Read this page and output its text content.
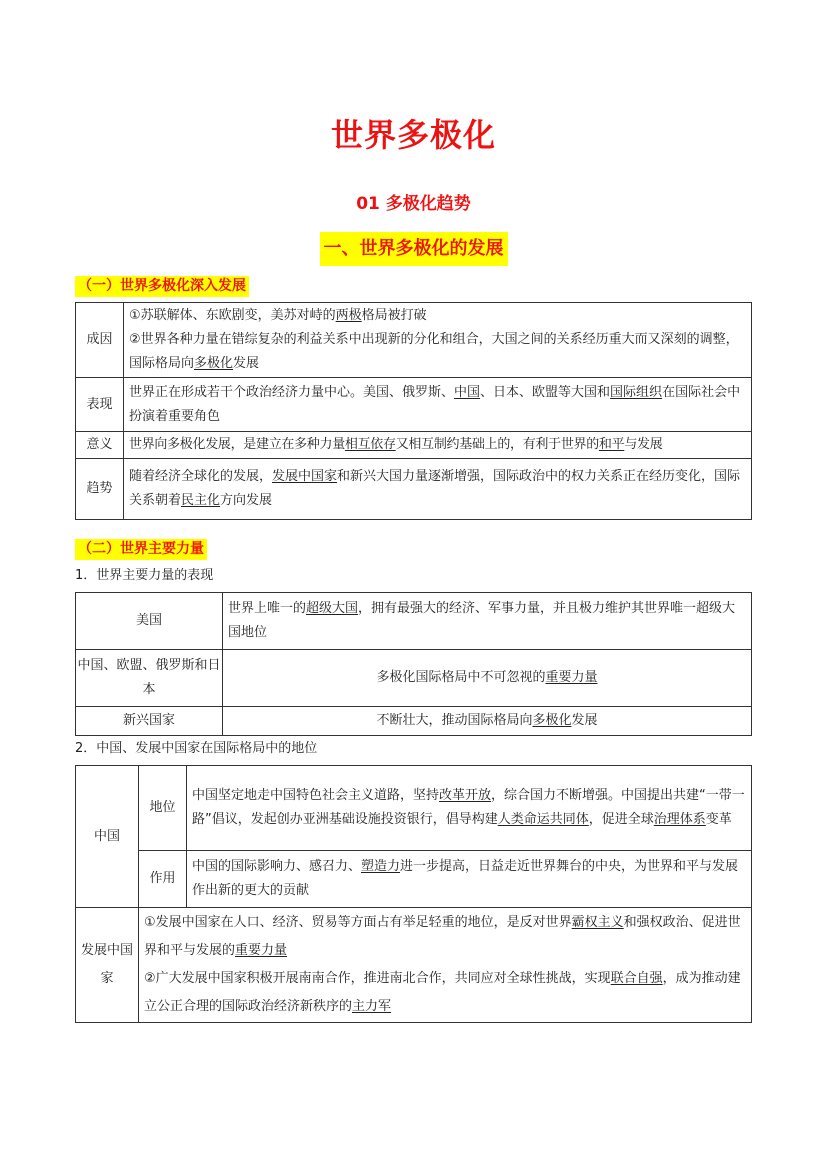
世界多极化
01 多极化趋势
一、世界多极化的发展
（一）世界多极化深入发展
成因	①苏联解体、东欧剧变，美苏对峙的两极格局被打破
②世界各种力量在错综复杂的利益关系中出现新的分化和组合，大国之间的关系经历重大而又深刻的调整，国际格局向多极化发展

表现	世界正在形成若干个政治经济力量中心。美国、俄罗斯、中国、日本、欧盟等大国和国际组织在国际社会中扮演着重要角色
意义	世界向多极化发展，是建立在多种力量相互依存又相互制约基础上的，有利于世界的和平与发展
趋势	随着经济全球化的发展，发展中国家和新兴大国力量逐渐增强，国际政治中的权力关系正在经历变化，国际关系朝着民主化方向发展
（二）世界主要力量
1．世界主要力量的表现
美国	世界上唯一的超级大国，拥有最强大的经济、军事力量，并且极力维护其世界唯一超级大国地位
中国、欧盟、俄罗斯和日本	多极化国际格局中不可忽视的重要力量
新兴国家	不断壮大，推动国际格局向多极化发展
2．中国、发展中国家在国际格局中的地位
中国	地位	中国坚定地走中国特色社会主义道路，坚持改革开放，综合国力不断增强。中国提出共建“一带一路”倡议，发起创办亚洲基础设施投资银行，倡导构建人类命运共同体，促进全球治理体系变革
	作用	中国的国际影响力、感召力、塑造力进一步提高，日益走近世界舞台的中央，为世界和平与发展作出新的更大的贡献
发展中国家	①发展中国家在人口、经济、贸易等方面占有举足轻重的地位，是反对世界霸权主义和强权政治、促进世界和平与发展的重要力量
②广大发展中国家积极开展南南合作，推进南北合作，共同应对全球性挑战，实现联合自强，成为推动建立公正合理的国际政治经济新秩序的主力军	
